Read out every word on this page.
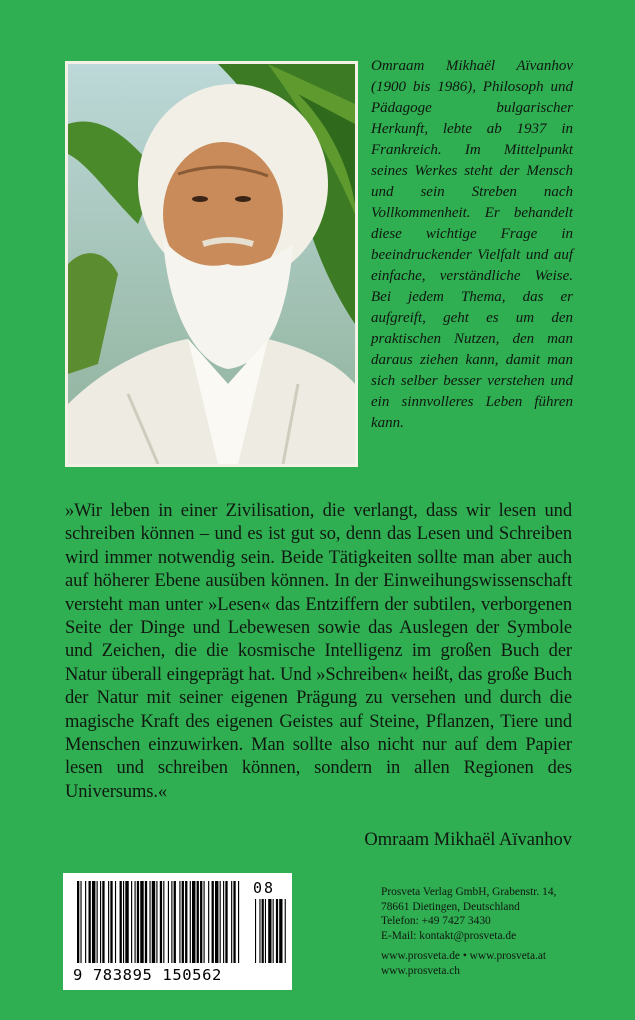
Omraam Mikhaël Aïvanhov (1900 bis 1986), Philosoph und Pädagoge bulgarischer Herkunft, lebte ab 1937 in Frankreich. Im Mittelpunkt seines Werkes steht der Mensch und sein Streben nach Vollkommenheit. Er behandelt diese wichtige Frage in beeindruckender Vielfalt und auf einfache, verständliche Weise. Bei jedem Thema, das er aufgreift, geht es um den praktischen Nutzen, den man daraus ziehen kann, damit man sich selber besser verstehen und ein sinnvolleres Leben führen kann.

»Wir leben in einer Zivilisation, die verlangt, dass wir lesen und schreiben können – und es ist gut so, denn das Lesen und Schreiben wird immer notwendig sein. Beide Tätigkeiten sollte man aber auch auf höherer Ebene ausüben können. In der Einweihungswissenschaft versteht man unter »Lesen« das Entziffern der subtilen, verborgenen Seite der Dinge und Lebewesen sowie das Auslegen der Symbole und Zeichen, die die kosmische Intelligenz im großen Buch der Natur überall eingeprägt hat. Und »Schreiben« heißt, das große Buch der Natur mit seiner eigenen Prägung zu versehen und durch die magische Kraft des eigenen Geistes auf Steine, Pflanzen, Tiere und Menschen einzuwirken. Man sollte also nicht nur auf dem Papier lesen und schreiben können, sondern in allen Regionen des Universums.«

Omraam Mikhaël Aïvanhov
08
9 783895 150562
Prosveta Verlag GmbH, Grabenstr. 14,
78661 Dietingen, Deutschland
Telefon: +49 7427 3430
E-Mail: kontakt@prosveta.de
www.prosveta.de • www.prosveta.at
www.prosveta.ch
